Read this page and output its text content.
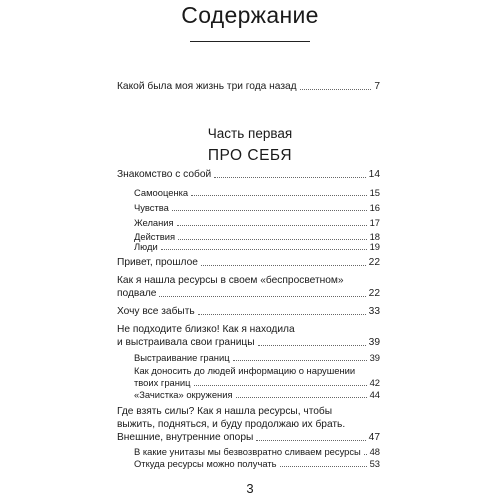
Содержание
Какой была моя жизнь три года назад	7
Часть первая
ПРО СЕБЯ
Знакомство с собой	14
Самооценка	15
Чувства	16
Желания	17
Действия	18
Люди	19
Привет, прошлое	22
Как я нашла ресурсы в своем «беспросветном»
подвале	22
Хочу все забыть	33
Не подходите близко! Как я находила
и выстраивала свои границы	39
Выстраивание границ	39
Как доносить до людей информацию о нарушении
твоих границ	42
«Зачистка» окружения	44
Где взять силы? Как я нашла ресурсы, чтобы
выжить, подняться, и буду продолжаю их брать.
Внешние, внутренние опоры	47
В какие унитазы мы безвозвратно сливаем ресурсы 48
Откуда ресурсы можно получать	53
3
